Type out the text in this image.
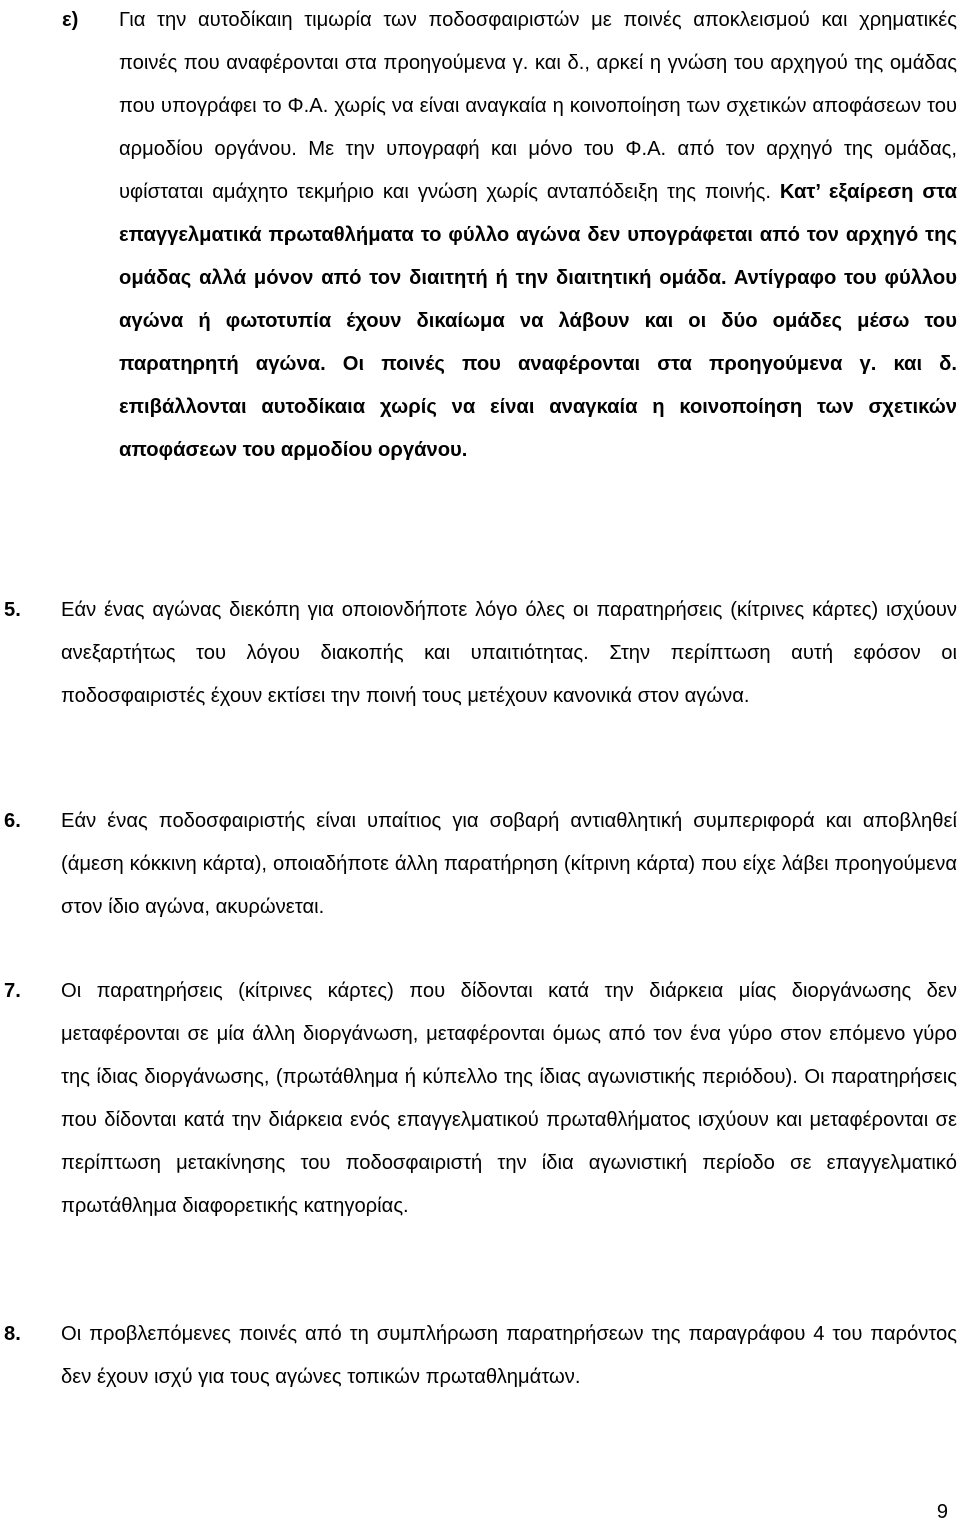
ε) Για την αυτοδίκαιη τιμωρία των ποδοσφαιριστών με ποινές αποκλεισμού και χρηματικές ποινές που αναφέρονται στα προηγούμενα γ. και δ., αρκεί η γνώση του αρχηγού της ομάδας που υπογράφει το Φ.Α. χωρίς να είναι αναγκαία η κοινοποίηση των σχετικών αποφάσεων του αρμοδίου οργάνου. Με την υπογραφή και μόνο του Φ.Α. από τον αρχηγό της ομάδας, υφίσταται αμάχητο τεκμήριο και γνώση χωρίς ανταπόδειξη της ποινής. Κατ’ εξαίρεση στα επαγγελματικά πρωταθλήματα το φύλλο αγώνα δεν υπογράφεται από τον αρχηγό της ομάδας αλλά μόνον από τον διαιτητή ή την διαιτητική ομάδα. Αντίγραφο του φύλλου αγώνα ή φωτοτυπία έχουν δικαίωμα να λάβουν και οι δύο ομάδες μέσω του παρατηρητή αγώνα. Οι ποινές που αναφέρονται στα προηγούμενα γ. και δ. επιβάλλονται αυτοδίκαια χωρίς να είναι αναγκαία η κοινοποίηση των σχετικών αποφάσεων του αρμοδίου οργάνου.

5. Εάν ένας αγώνας διεκόπη για οποιονδήποτε λόγο όλες οι παρατηρήσεις (κίτρινες κάρτες) ισχύουν ανεξαρτήτως του λόγου διακοπής και υπαιτιότητας. Στην περίπτωση αυτή εφόσον οι ποδοσφαιριστές έχουν εκτίσει την ποινή τους μετέχουν κανονικά στον αγώνα.

6. Εάν ένας ποδοσφαιριστής είναι υπαίτιος για σοβαρή αντιαθλητική συμπεριφορά και αποβληθεί (άμεση κόκκινη κάρτα), οποιαδήποτε άλλη παρατήρηση (κίτρινη κάρτα) που είχε λάβει προηγούμενα στον ίδιο αγώνα, ακυρώνεται.

7. Οι παρατηρήσεις (κίτρινες κάρτες) που δίδονται κατά την διάρκεια μίας διοργάνωσης δεν μεταφέρονται σε μία άλλη διοργάνωση, μεταφέρονται όμως από τον ένα γύρο στον επόμενο γύρο της ίδιας διοργάνωσης, (πρωτάθλημα ή κύπελλο της ίδιας αγωνιστικής περιόδου). Οι παρατηρήσεις που δίδονται κατά την διάρκεια ενός επαγγελματικού πρωταθλήματος ισχύουν και μεταφέρονται σε περίπτωση μετακίνησης του ποδοσφαιριστή την ίδια αγωνιστική περίοδο σε επαγγελματικό πρωτάθλημα διαφορετικής κατηγορίας.

8. Οι προβλεπόμενες ποινές από τη συμπλήρωση παρατηρήσεων της παραγράφου 4 του παρόντος δεν έχουν ισχύ για τους αγώνες τοπικών πρωταθλημάτων.

9
